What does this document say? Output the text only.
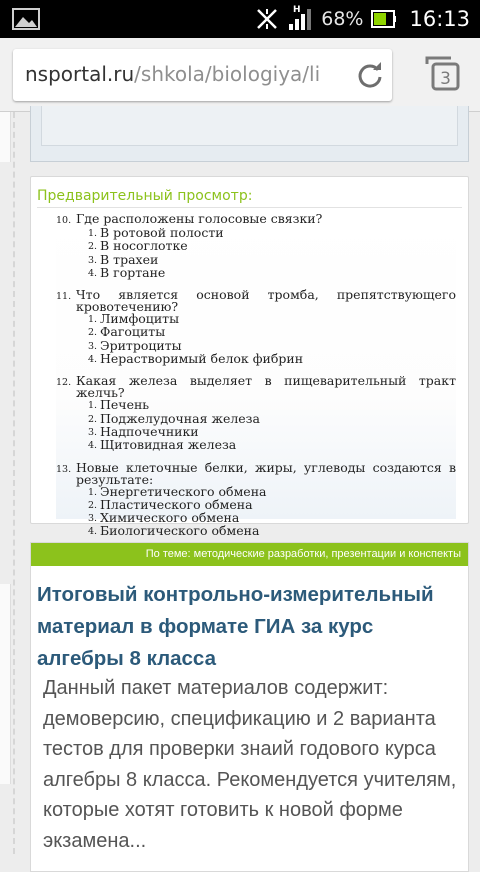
H 68% 16:13
nsportal.ru/shkola/biologiya/li	3
Предварительный просмотр:
10. Где расположены голосовые связки?
1. В ротовой полости
2. В носоглотке
3. В трахеи
4. В гортане
11. Что является основой тромба, препятствующего кровотечению?
1. Лимфоциты
2. Фагоциты
3. Эритроциты
4. Нерастворимый белок фибрин
12. Какая железа выделяет в пищеварительный тракт желчь?
1. Печень
2. Поджелудочная железа
3. Надпочечники
4. Щитовидная железа
13. Новые клеточные белки, жиры, углеводы создаются в результате:
1. Энергетического обмена
2. Пластического обмена
3. Химического обмена
4. Биологического обмена
По теме: методические разработки, презентации и конспекты
Итоговый контрольно-измерительный материал в формате ГИА за курс алгебры 8 класса
Данный пакет материалов содержит: демоверсию, спецификацию и 2 варианта тестов для проверки знаий годового курса алгебры 8 класса. Рекомендуется учителям, которые хотят готовить к новой форме экзамена...
